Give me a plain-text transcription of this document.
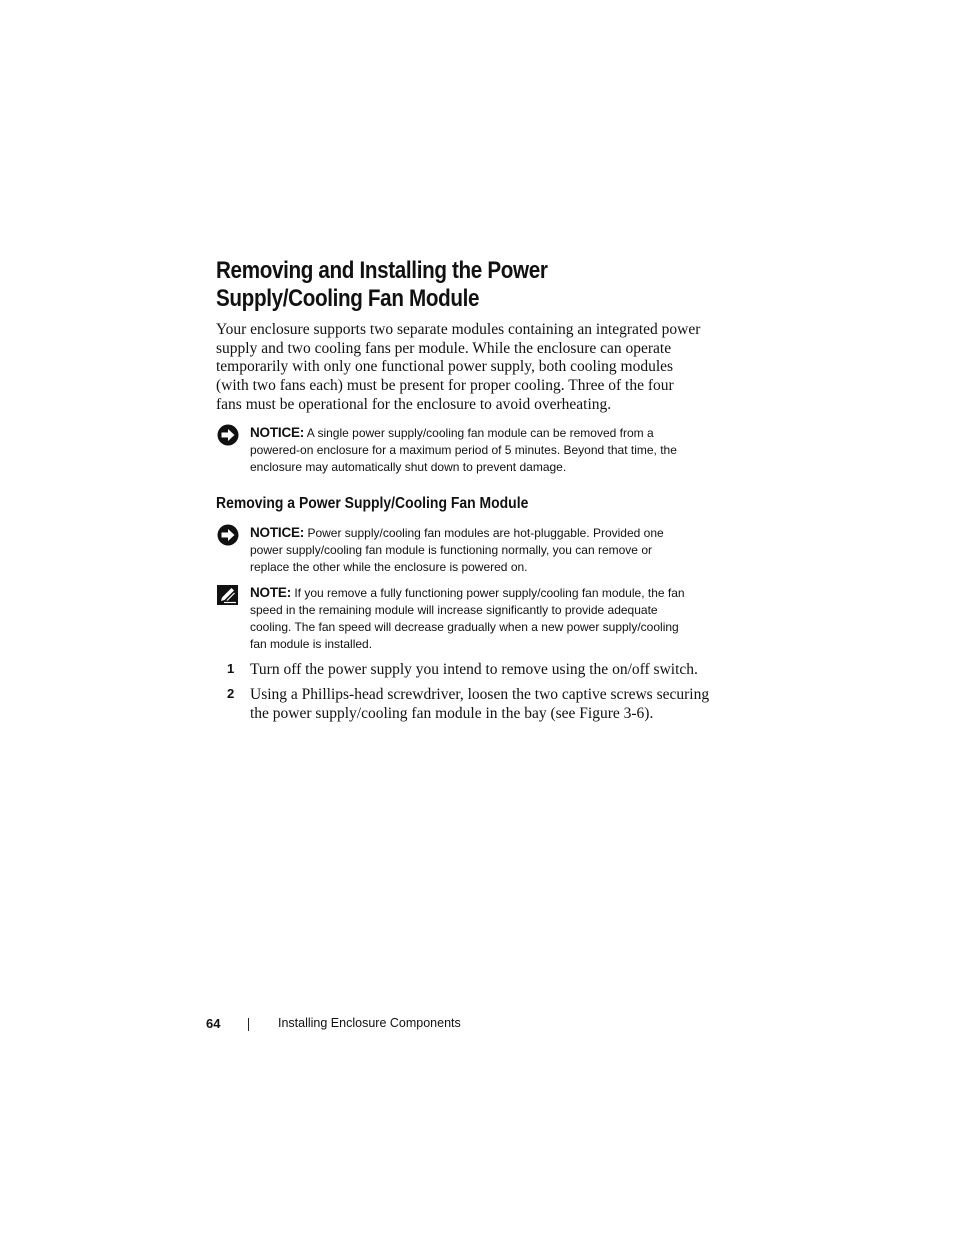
Removing and Installing the Power
Supply/Cooling Fan Module

Your enclosure supports two separate modules containing an integrated power
supply and two cooling fans per module. While the enclosure can operate
temporarily with only one functional power supply, both cooling modules
(with two fans each) must be present for proper cooling. Three of the four
fans must be operational for the enclosure to avoid overheating.

NOTICE: A single power supply/cooling fan module can be removed from a
powered-on enclosure for a maximum period of 5 minutes. Beyond that time, the
enclosure may automatically shut down to prevent damage.
Removing a Power Supply/Cooling Fan Module
NOTICE: Power supply/cooling fan modules are hot-pluggable. Provided one
power supply/cooling fan module is functioning normally, you can remove or
replace the other while the enclosure is powered on.
NOTE: If you remove a fully functioning power supply/cooling fan module, the fan
speed in the remaining module will increase significantly to provide adequate
cooling. The fan speed will decrease gradually when a new power supply/cooling
fan module is installed.
1 Turn off the power supply you intend to remove using the on/off switch.
2 Using a Phillips-head screwdriver, loosen the two captive screws securing
the power supply/cooling fan module in the bay (see Figure 3-6).
64	Installing Enclosure Components
